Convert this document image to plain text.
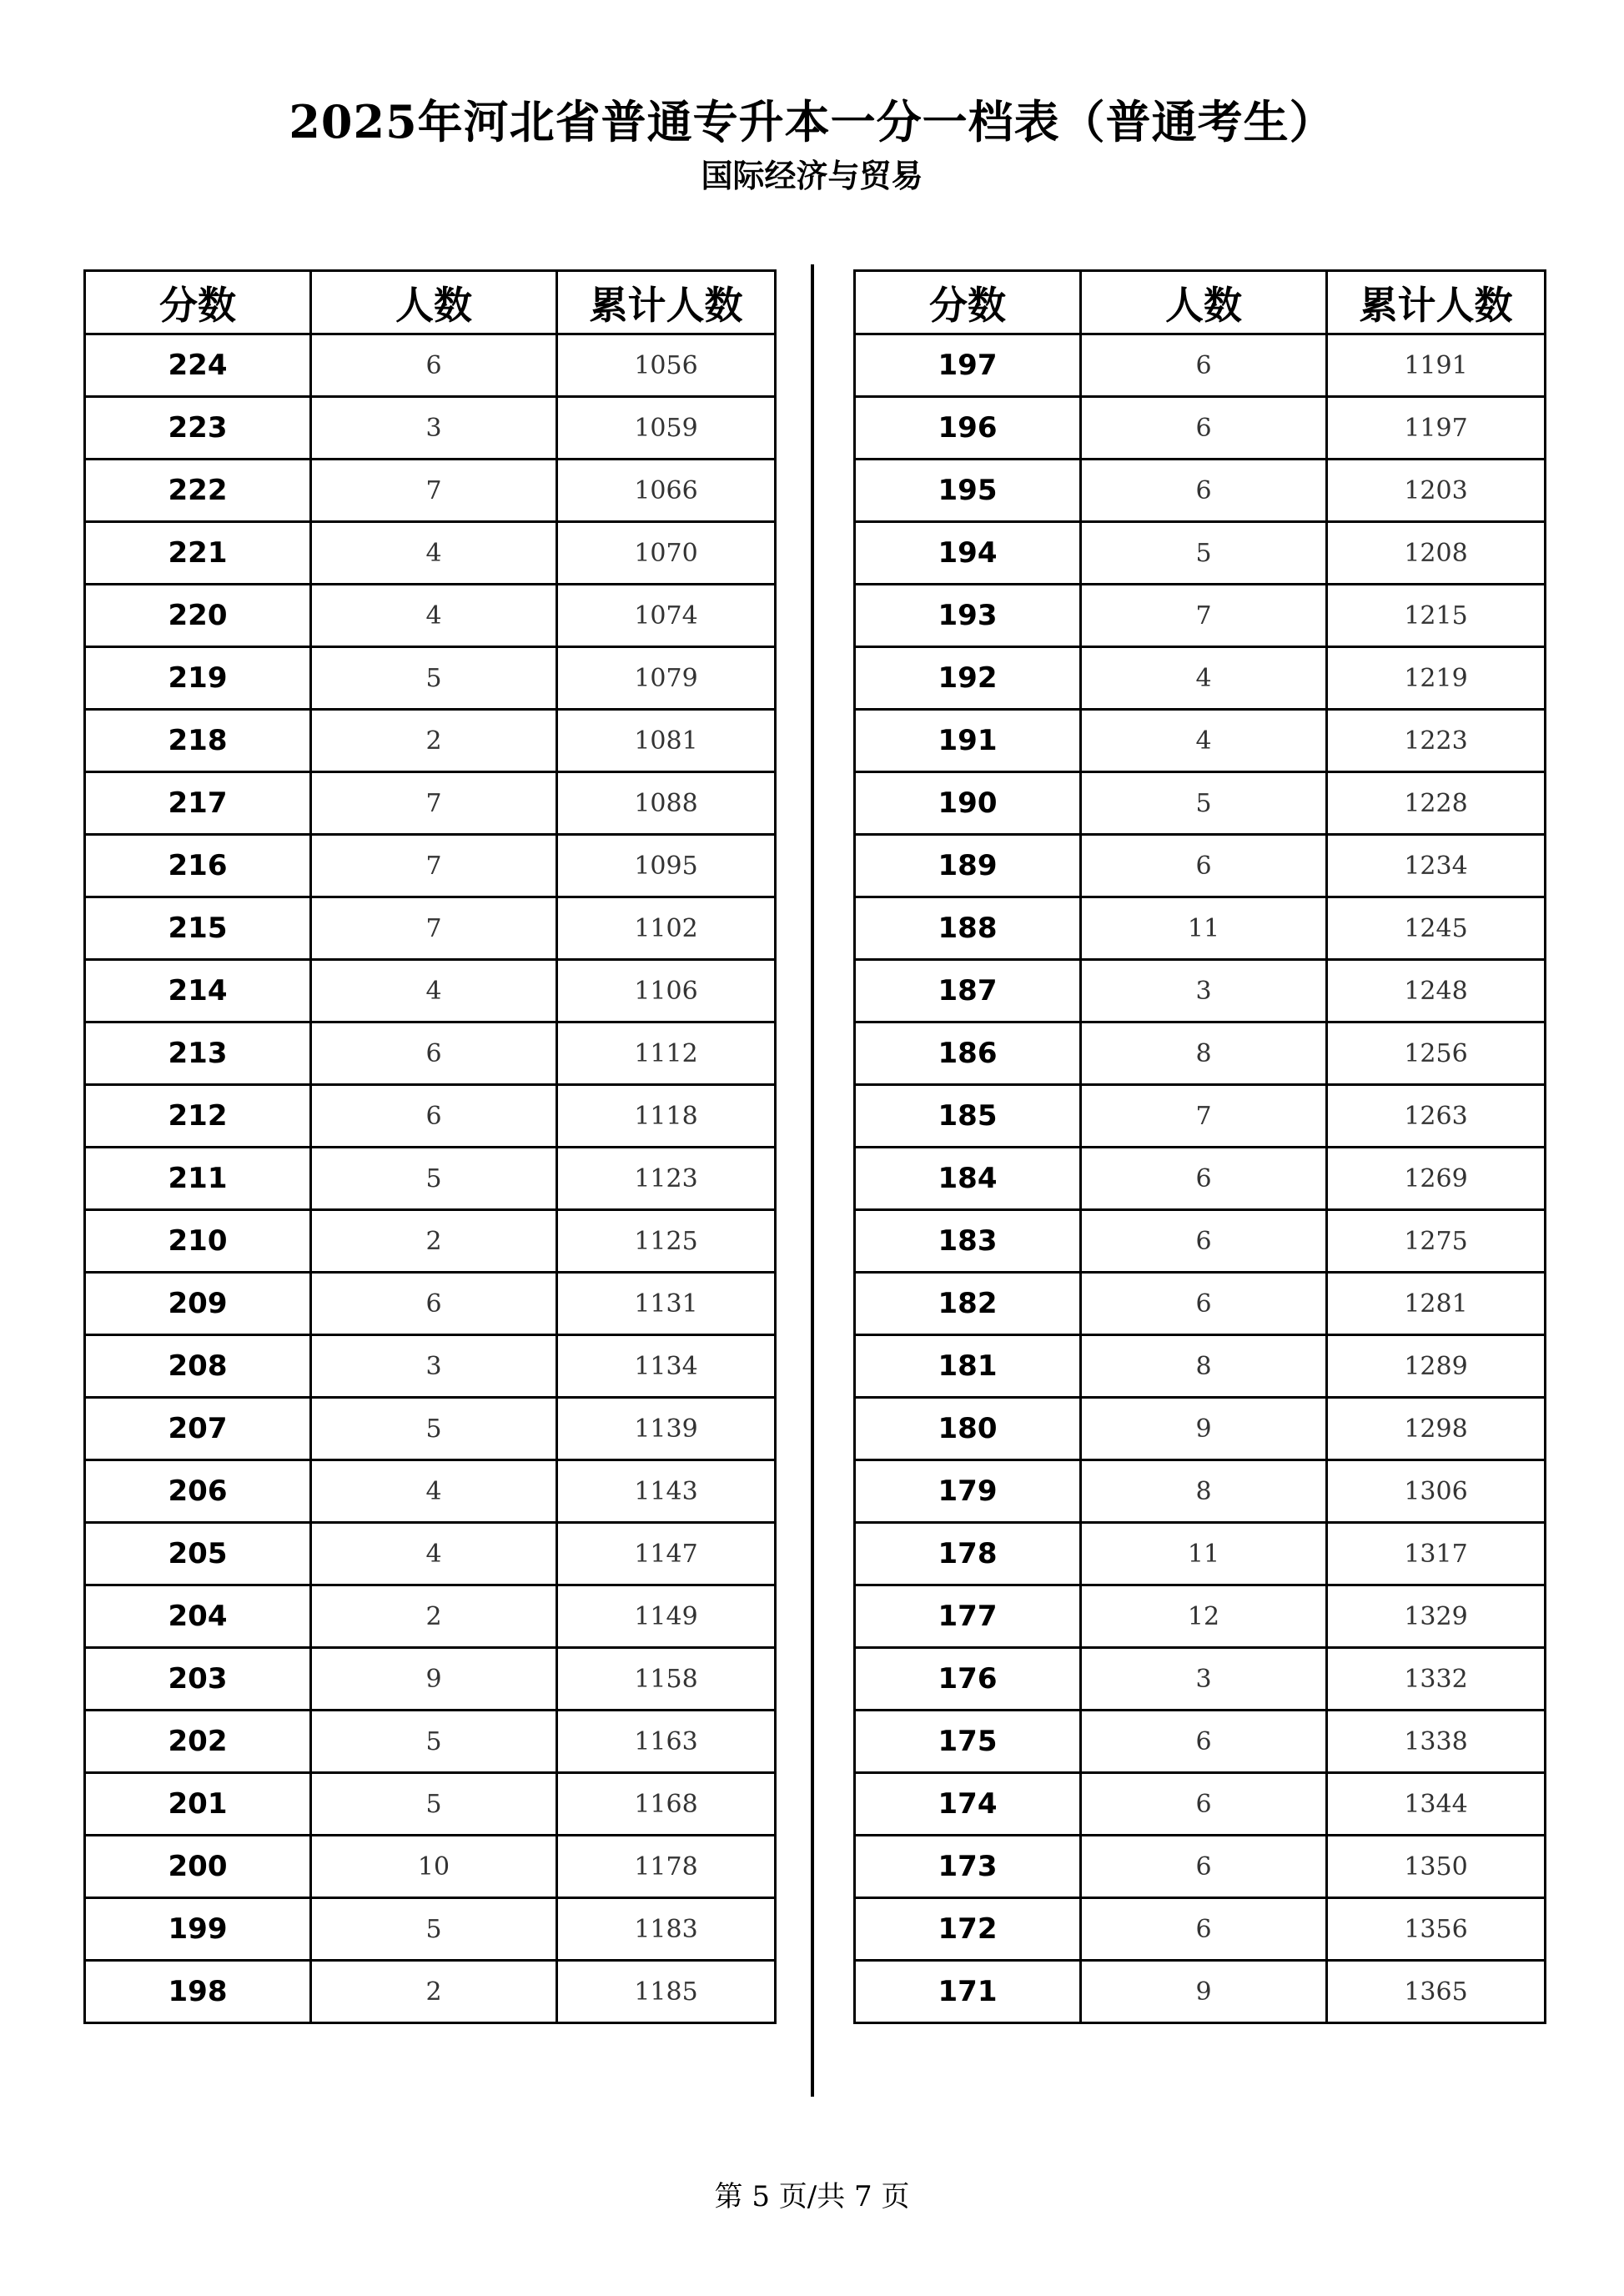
2025年河北省普通专升本一分一档表（普通考生）
国际经济与贸易
分数	人数	累计人数
224	6	1056
223	3	1059
222	7	1066
221	4	1070
220	4	1074
219	5	1079
218	2	1081
217	7	1088
216	7	1095
215	7	1102
214	4	1106
213	6	1112
212	6	1118
211	5	1123
210	2	1125
209	6	1131
208	3	1134
207	5	1139
206	4	1143
205	4	1147
204	2	1149
203	9	1158
202	5	1163
201	5	1168
200	10	1178
199	5	1183
198	2	1185
分数	人数	累计人数
197	6	1191
196	6	1197
195	6	1203
194	5	1208
193	7	1215
192	4	1219
191	4	1223
190	5	1228
189	6	1234
188	11	1245
187	3	1248
186	8	1256
185	7	1263
184	6	1269
183	6	1275
182	6	1281
181	8	1289
180	9	1298
179	8	1306
178	11	1317
177	12	1329
176	3	1332
175	6	1338
174	6	1344
173	6	1350
172	6	1356
171	9	1365
第 5 页/共 7 页
